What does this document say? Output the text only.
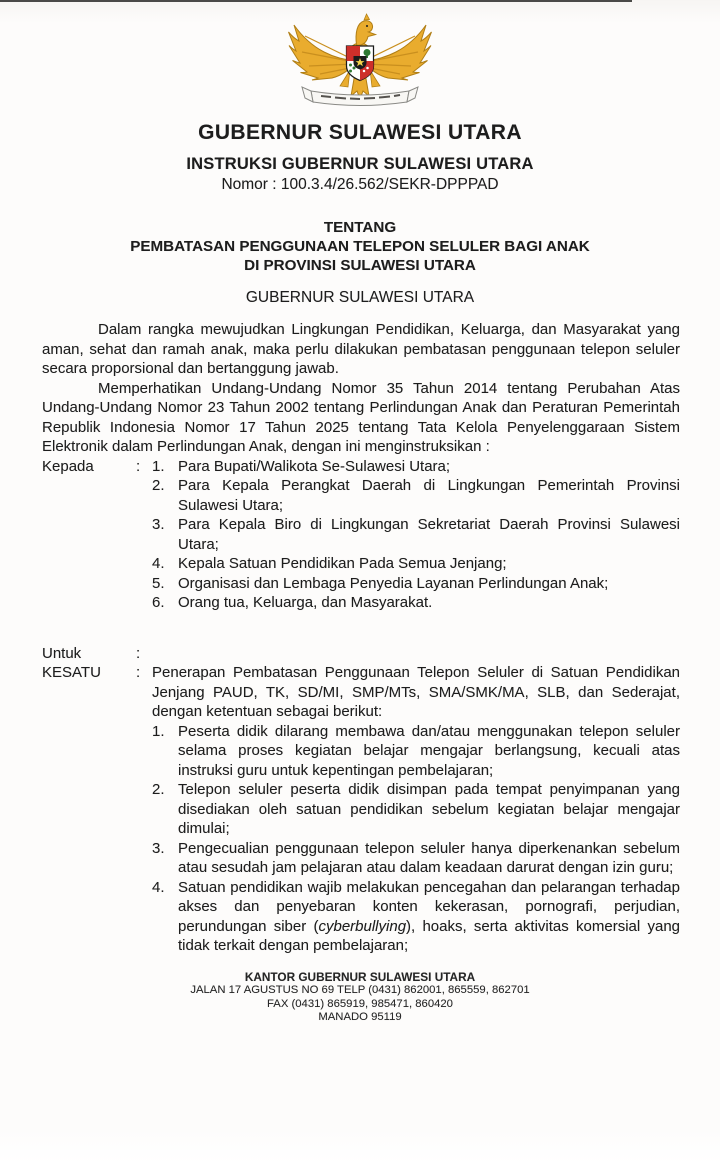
GUBERNUR SULAWESI UTARA
INSTRUKSI GUBERNUR SULAWESI UTARA
Nomor : 100.3.4/26.562/SEKR-DPPPAD
TENTANG
PEMBATASAN PENGGUNAAN TELEPON SELULER BAGI ANAK
DI PROVINSI SULAWESI UTARA
GUBERNUR SULAWESI UTARA

Dalam rangka mewujudkan Lingkungan Pendidikan, Keluarga, dan Masyarakat yang aman, sehat dan ramah anak, maka perlu dilakukan pembatasan penggunaan telepon seluler secara proporsional dan bertanggung jawab.

Memperhatikan Undang-Undang Nomor 35 Tahun 2014 tentang Perubahan Atas Undang-Undang Nomor 23 Tahun 2002 tentang Perlindungan Anak dan Peraturan Pemerintah Republik Indonesia Nomor 17 Tahun 2025 tentang Tata Kelola Penyelenggaraan Sistem Elektronik dalam Perlindungan Anak, dengan ini menginstruksikan :

Kepada	: 1. Para Bupati/Walikota Se-Sulawesi Utara;
2. Para Kepala Perangkat Daerah di Lingkungan Pemerintah Provinsi Sulawesi Utara;
3. Para Kepala Biro di Lingkungan Sekretariat Daerah Provinsi Sulawesi Utara;
4. Kepala Satuan Pendidikan Pada Semua Jenjang;
5. Organisasi dan Lembaga Penyedia Layanan Perlindungan Anak;
6. Orang tua, Keluarga, dan Masyarakat.
Untuk	:
KESATU	: Penerapan Pembatasan Penggunaan Telepon Seluler di Satuan Pendidikan Jenjang PAUD, TK, SD/MI, SMP/MTs, SMA/SMK/MA, SLB, dan Sederajat, dengan ketentuan sebagai berikut:

1. Peserta didik dilarang membawa dan/atau menggunakan telepon seluler selama proses kegiatan belajar mengajar berlangsung, kecuali atas instruksi guru untuk kepentingan pembelajaran;
2. Telepon seluler peserta didik disimpan pada tempat penyimpanan yang disediakan oleh satuan pendidikan sebelum kegiatan belajar mengajar dimulai;
3. Pengecualian penggunaan telepon seluler hanya diperkenankan sebelum atau sesudah jam pelajaran atau dalam keadaan darurat dengan izin guru;
4. Satuan pendidikan wajib melakukan pencegahan dan pelarangan terhadap akses dan penyebaran konten kekerasan, pornografi, perjudian, perundungan siber (cyberbullying), hoaks, serta aktivitas komersial yang tidak terkait dengan pembelajaran;
KANTOR GUBERNUR SULAWESI UTARA
JALAN 17 AGUSTUS NO 69 TELP (0431) 862001, 865559, 862701
FAX (0431) 865919, 985471, 860420
MANADO 95119
